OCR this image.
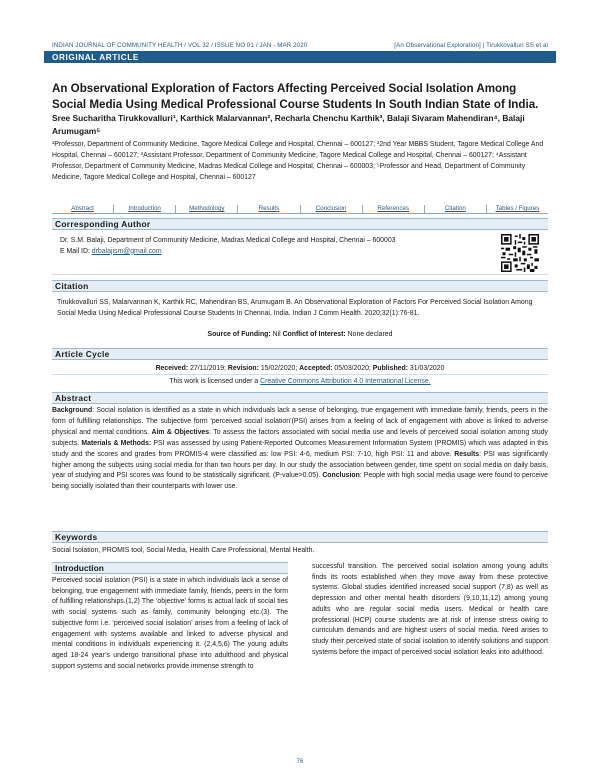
INDIAN JOURNAL OF COMMUNITY HEALTH / VOL 32 / ISSUE NO 01 / JAN - MAR 2020	[An Observational Exploration] | Tirukkovalluri SS et al
ORIGINAL ARTICLE
An Observational Exploration of Factors Affecting Perceived Social Isolation Among Social Media Using Medical Professional Course Students In South Indian State of India.
Sree Sucharitha Tirukkovalluri¹, Karthick Malarvannan², Recharla Chenchu Karthik³, Balaji Sivaram Mahendiran⁴, Balaji Arumugam⁵
¹Professor, Department of Community Medicine, Tagore Medical College and Hospital, Chennai – 600127; ²2nd Year MBBS Student, Tagore Medical College And Hospital, Chennai – 600127; ³Assistant Professor, Department of Community Medicine, Tagore Medical College and Hospital, Chennai – 600127; ⁴Assistant Professor, Department of Community Medicine, Madras Medical College and Hospital, Chennai – 600003; ⁵Professor and Head, Department of Community Medicine, Tagore Medical College and Hospital, Chennai – 600127
Abstract	Introduction	Methodology	Results	Conclusion	References	Citation	Tables / Figures
Corresponding Author
Dr. S.M. Balaji, Department of Community Medicine, Madras Medical College and Hospital, Chennai – 600003
E Mail ID: drbalajism@gmail.com
Citation
Tirukkovalluri SS, Malarvannan K, Karthik RC, Mahendiran BS, Arumugam B. An Observational Exploration of Factors For Perceived Social Isolation Among Social Media Using Medical Professional Course Students In Chennai, India. Indian J Comm Health. 2020;32(1):76-81.
Source of Funding: Nil Conflict of Interest: None declared
Article Cycle
Received: 27/11/2019; Revision: 15/02/2020; Accepted: 05/03/2020; Published: 31/03/2020
This work is licensed under a Creative Commons Attribution 4.0 International License.
Abstract
Background: Social isolation is identified as a state in which individuals lack a sense of belonging, true engagement with immediate family, friends, peers in the form of fulfilling relationships. The subjective form ‘perceived social isolation’(PSI) arises from a feeling of lack of engagement with above is linked to adverse physical and mental conditions. Aim & Objectives: To assess the factors associated with social media use and levels of perceived social isolation among study subjects. Materials & Methods: PSI was assessed by using Patient-Reported Outcomes Measurement Information System (PROMIS) which was adapted in this study and the scores and grades from PROMIS-4 were classified as: low PSI: 4-6, medium PSI: 7-10, high PSI: 11 and above. Results: PSI was significantly higher among the subjects using social media for than two hours per day. In our study the association between gender, time spent on social media on daily basis, year of studying and PSI scores was found to be statistically significant. (P-value>0.05). Conclusion: People with high social media usage were found to perceive being socially isolated than their counterparts with lower use.
Keywords
Social Isolation, PROMIS tool, Social Media, Health Care Professional, Mental Health.
Introduction
Perceived social isolation (PSI) is a state in which individuals lack a sense of belonging, true engagement with immediate family, friends, peers in the form of fulfilling relationships.(1,2) The ‘objective’ forms is actual lack of social ties with social systems such as family, community belonging etc.(3). The subjective form i.e. ‘perceived social isolation’ arises from a feeling of lack of engagement with systems available and linked to adverse physical and mental conditions in individuals experiencing it. (2,4,5,6) The young adults aged 18-24 year’s undergo transitional phase into adulthood and physical support systems and social networks provide immense strength to
successful transition. The perceived social isolation among young adults finds its roots established when they move away from these protective systems. Global studies identified increased social support (7,8) as well as depression and other mental health disorders (9,10,11,12) among young adults who are regular social media users. Medical or health care professional (HCP) course students are at risk of intense stress owing to curriculum demands and are highest users of social media. Need arises to study their perceived state of social isolation to identify solutions and support systems before the impact of perceived social isolation leaks into adulthood.
76
